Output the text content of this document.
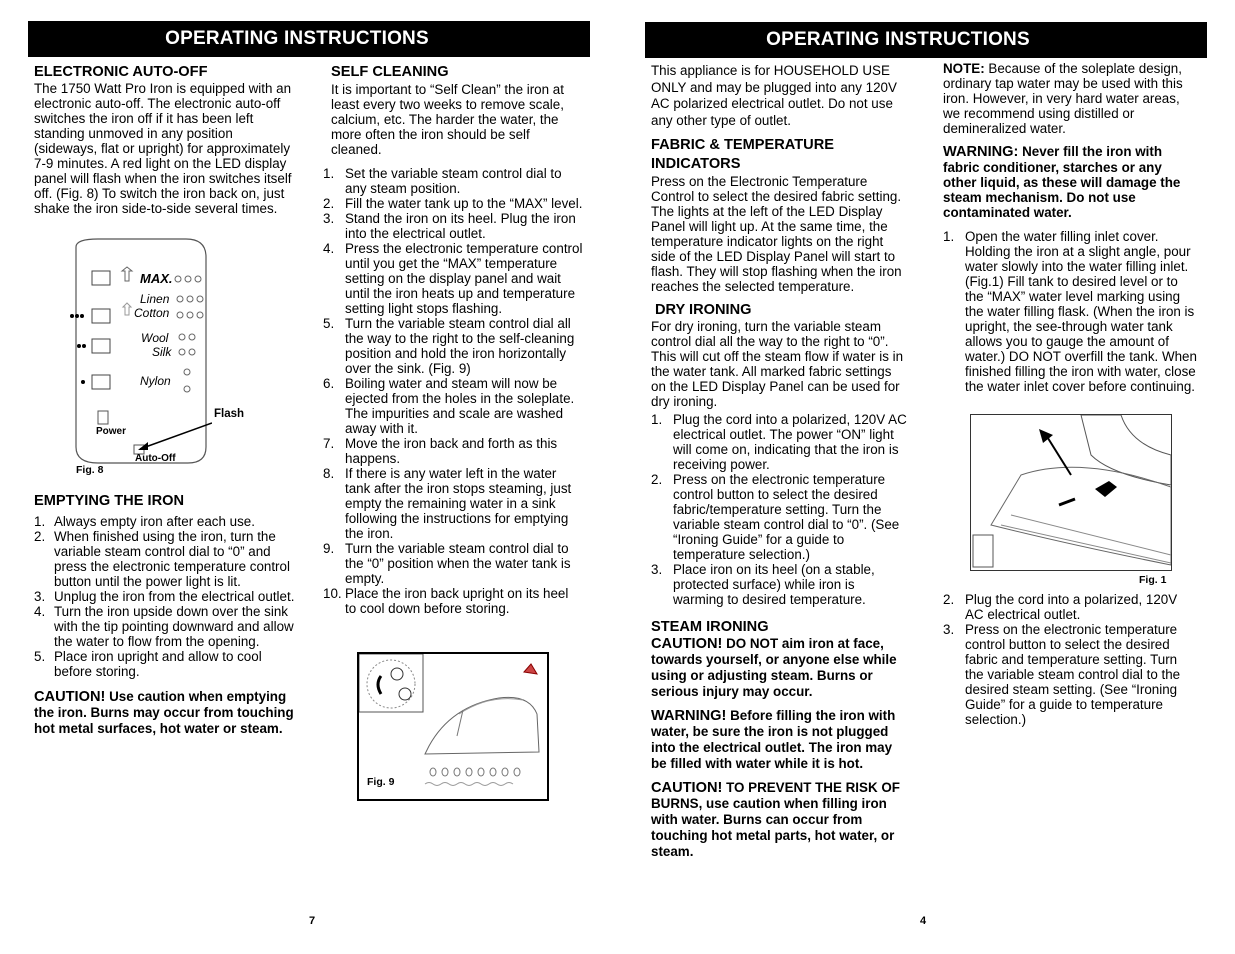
OPERATING INSTRUCTIONS
ELECTRONIC AUTO-OFF

The 1750 Watt Pro Iron is equipped with an electronic auto-off. The electronic auto-off switches the iron off if it has been left standing unmoved in any position (sideways, flat or upright) for approximately 7-9 minutes. A red light on the LED display panel will flash when the iron switches itself off. (Fig. 8) To switch the iron back on, just shake the iron side-to-side several times.

MAX.
Linen
Cotton
Wool
Silk
Nylon
Power
Auto-Off
Flash
Fig. 8
EMPTYING THE IRON
1. Always empty iron after each use.
2. When finished using the iron, turn the variable steam control dial to “0” and press the electronic temperature control button until the power light is lit.
3. Unplug the iron from the electrical outlet.
4. Turn the iron upside down over the sink with the tip pointing downward and allow the water to flow from the opening.
5. Place iron upright and allow to cool before storing.

CAUTION! Use caution when emptying the iron. Burns may occur from touching hot metal surfaces, hot water or steam.

SELF CLEANING

It is important to “Self Clean” the iron at least every two weeks to remove scale, calcium, etc. The harder the water, the more often the iron should be self cleaned.

1. Set the variable steam control dial to any steam position.
2. Fill the water tank up to the “MAX” level.
3. Stand the iron on its heel. Plug the iron into the electrical outlet.
4. Press the electronic temperature control until you get the “MAX” temperature setting on the display panel and wait until the iron heats up and temperature setting light stops flashing.
5. Turn the variable steam control dial all the way to the right to the self-cleaning position and hold the iron horizontally over the sink. (Fig. 9)
6. Boiling water and steam will now be ejected from the holes in the soleplate. The impurities and scale are washed away with it.
7. Move the iron back and forth as this happens.
8. If there is any water left in the water tank after the iron stops steaming, just empty the remaining water in a sink following the instructions for emptying the iron.
9. Turn the variable steam control dial to the “0” position when the water tank is empty.
10. Place the iron back upright on its heel to cool down before storing.
Fig. 9
7
OPERATING INSTRUCTIONS

This appliance is for HOUSEHOLD USE ONLY and may be plugged into any 120V AC polarized electrical outlet. Do not use any other type of outlet.

FABRIC & TEMPERATURE INDICATORS

Press on the Electronic Temperature Control to select the desired fabric setting. The lights at the left of the LED Display Panel will light up. At the same time, the temperature indicator lights on the right side of the LED Display Panel will start to flash. They will stop flashing when the iron reaches the selected temperature.

DRY IRONING

For dry ironing, turn the variable steam control dial all the way to the right to “0”. This will cut off the steam flow if water is in the water tank. All marked fabric settings on the LED Display Panel can be used for dry ironing.

1. Plug the cord into a polarized, 120V AC electrical outlet. The power “ON” light will come on, indicating that the iron is receiving power.
2. Press on the electronic temperature control button to select the desired fabric/temperature setting. Turn the variable steam control dial to “0”. (See “Ironing Guide” for a guide to temperature selection.)
3. Place iron on its heel (on a stable, protected surface) while iron is warming to desired temperature.
STEAM IRONING

CAUTION! DO NOT aim iron at face, towards yourself, or anyone else while using or adjusting steam. Burns or serious injury may occur.

WARNING! Before filling the iron with water, be sure the iron is not plugged into the electrical outlet. The iron may be filled with water while it is hot.

CAUTION! TO PREVENT THE RISK OF BURNS, use caution when filling iron with water. Burns can occur from touching hot metal parts, hot water, or steam.

NOTE: Because of the soleplate design, ordinary tap water may be used with this iron. However, in very hard water areas, we recommend using distilled or demineralized water.

WARNING: Never fill the iron with fabric conditioner, starches or any other liquid, as these will damage the steam mechanism. Do not use contaminated water.

1. Open the water filling inlet cover. Holding the iron at a slight angle, pour water slowly into the water filling inlet. (Fig.1) Fill tank to desired level or to the “MAX” water level marking using the water filling flask. (When the iron is upright, the see-through water tank allows you to gauge the amount of water.) DO NOT overfill the tank. When finished filling the iron with water, close the water inlet cover before continuing.
Fig. 1
2. Plug the cord into a polarized, 120V AC electrical outlet.
3. Press on the electronic temperature control button to select the desired fabric and temperature setting. Turn the variable steam control dial to the desired steam setting. (See “Ironing Guide” for a guide to temperature selection.)
4
